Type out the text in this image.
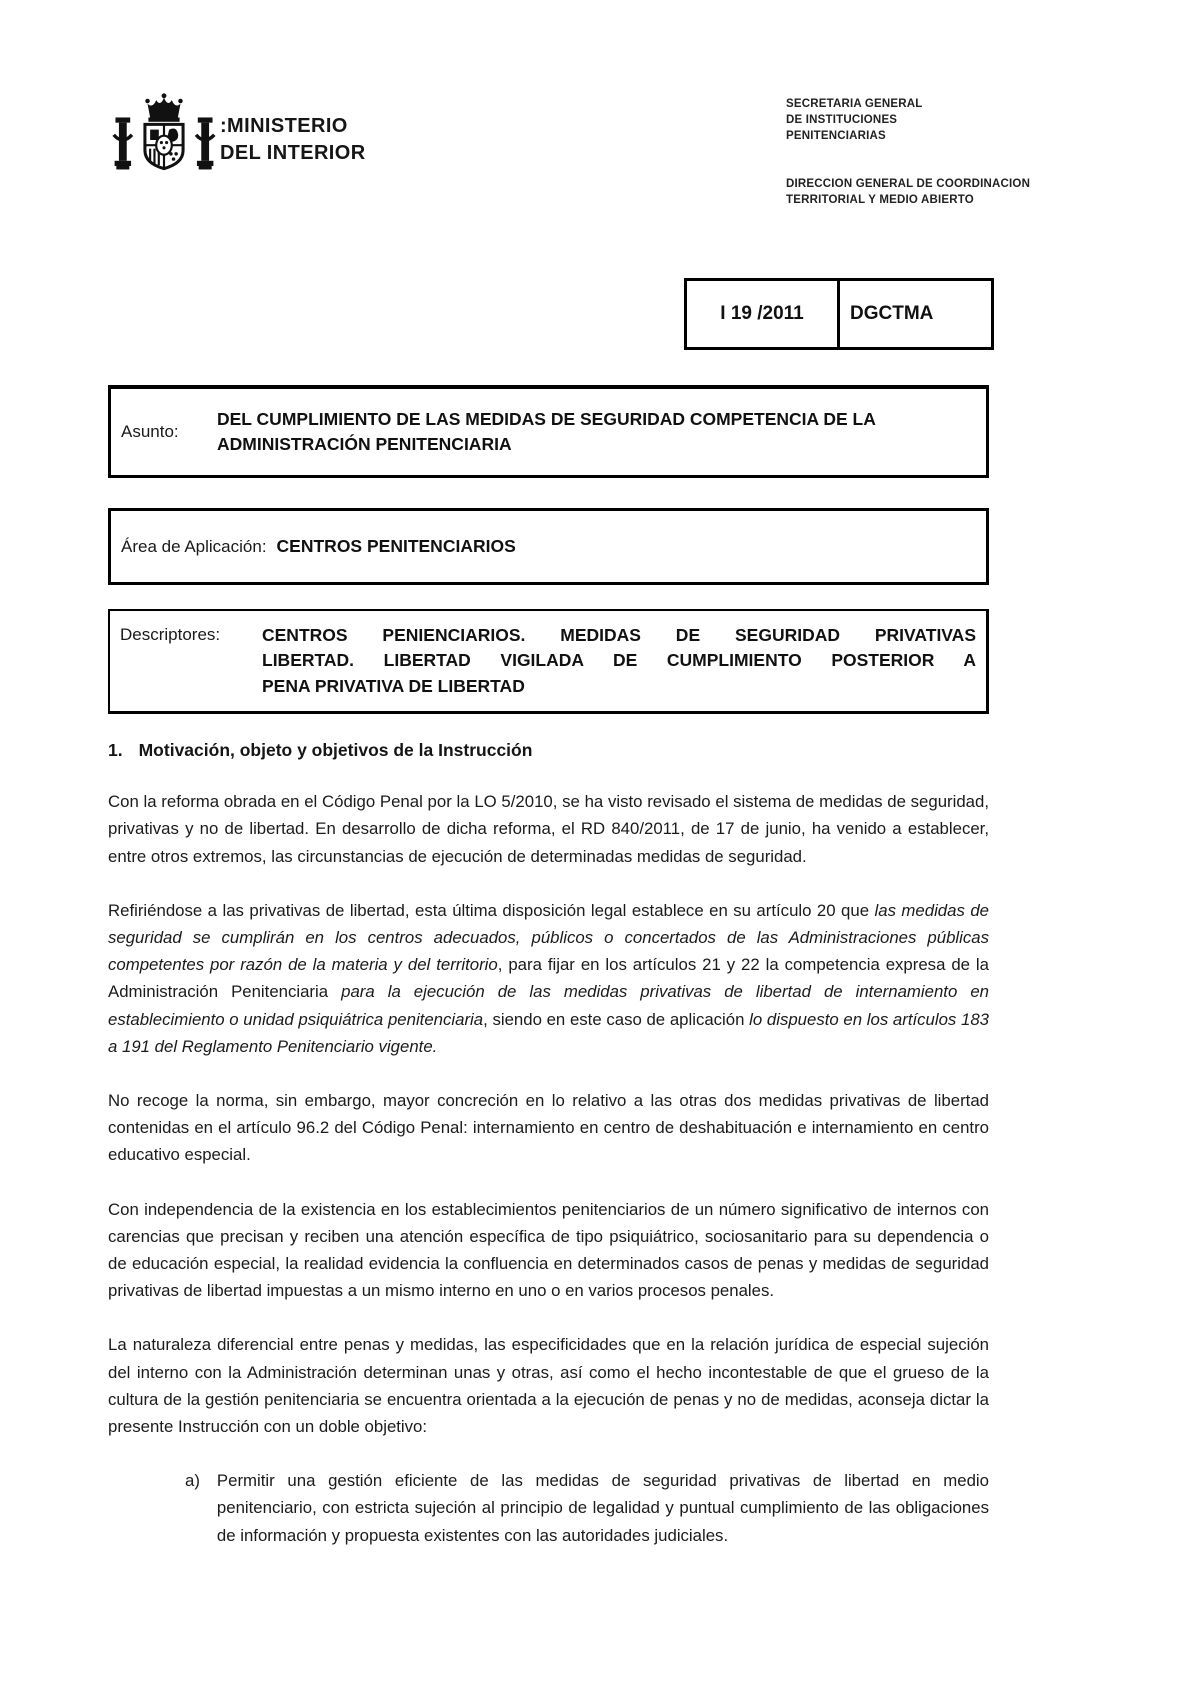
:MINISTERIO
DEL INTERIOR
SECRETARIA GENERAL
DE INSTITUCIONES
PENITENCIARIAS
DIRECCION GENERAL DE COORDINACION
TERRITORIAL Y MEDIO ABIERTO
I 19 /2011	DGCTMA
Asunto:
DEL CUMPLIMIENTO DE LAS MEDIDAS DE SEGURIDAD COMPETENCIA DE LA ADMINISTRACIÓN PENITENCIARIA
Área de Aplicación: CENTROS PENITENCIARIOS
Descriptores:	CENTROS PENIENCIARIOS. MEDIDAS DE SEGURIDAD PRIVATIVAS
LIBERTAD. LIBERTAD VIGILADA DE CUMPLIMIENTO POSTERIOR A
PENA PRIVATIVA DE LIBERTAD
1. Motivación, objeto y objetivos de la Instrucción

Con la reforma obrada en el Código Penal por la LO 5/2010, se ha visto revisado el sistema de medidas de seguridad, privativas y no de libertad. En desarrollo de dicha reforma, el RD 840/2011, de 17 de junio, ha venido a establecer, entre otros extremos, las circunstancias de ejecución de determinadas medidas de seguridad.

Refiriéndose a las privativas de libertad, esta última disposición legal establece en su artículo 20 que las medidas de seguridad se cumplirán en los centros adecuados, públicos o concertados de las Administraciones públicas competentes por razón de la materia y del territorio, para fijar en los artículos 21 y 22 la competencia expresa de la Administración Penitenciaria para la ejecución de las medidas privativas de libertad de internamiento en establecimiento o unidad psiquiátrica penitenciaria, siendo en este caso de aplicación lo dispuesto en los artículos 183 a 191 del Reglamento Penitenciario vigente.

No recoge la norma, sin embargo, mayor concreción en lo relativo a las otras dos medidas privativas de libertad contenidas en el artículo 96.2 del Código Penal: internamiento en centro de deshabituación e internamiento en centro educativo especial.

Con independencia de la existencia en los establecimientos penitenciarios de un número significativo de internos con carencias que precisan y reciben una atención específica de tipo psiquiátrico, sociosanitario para su dependencia o de educación especial, la realidad evidencia la confluencia en determinados casos de penas y medidas de seguridad privativas de libertad impuestas a un mismo interno en uno o en varios procesos penales.

La naturaleza diferencial entre penas y medidas, las especificidades que en la relación jurídica de especial sujeción del interno con la Administración determinan unas y otras, así como el hecho incontestable de que el grueso de la cultura de la gestión penitenciaria se encuentra orientada a la ejecución de penas y no de medidas, aconseja dictar la presente Instrucción con un doble objetivo:

a) Permitir una gestión eficiente de las medidas de seguridad privativas de libertad en medio penitenciario, con estricta sujeción al principio de legalidad y puntual cumplimiento de las obligaciones de información y propuesta existentes con las autoridades judiciales.
